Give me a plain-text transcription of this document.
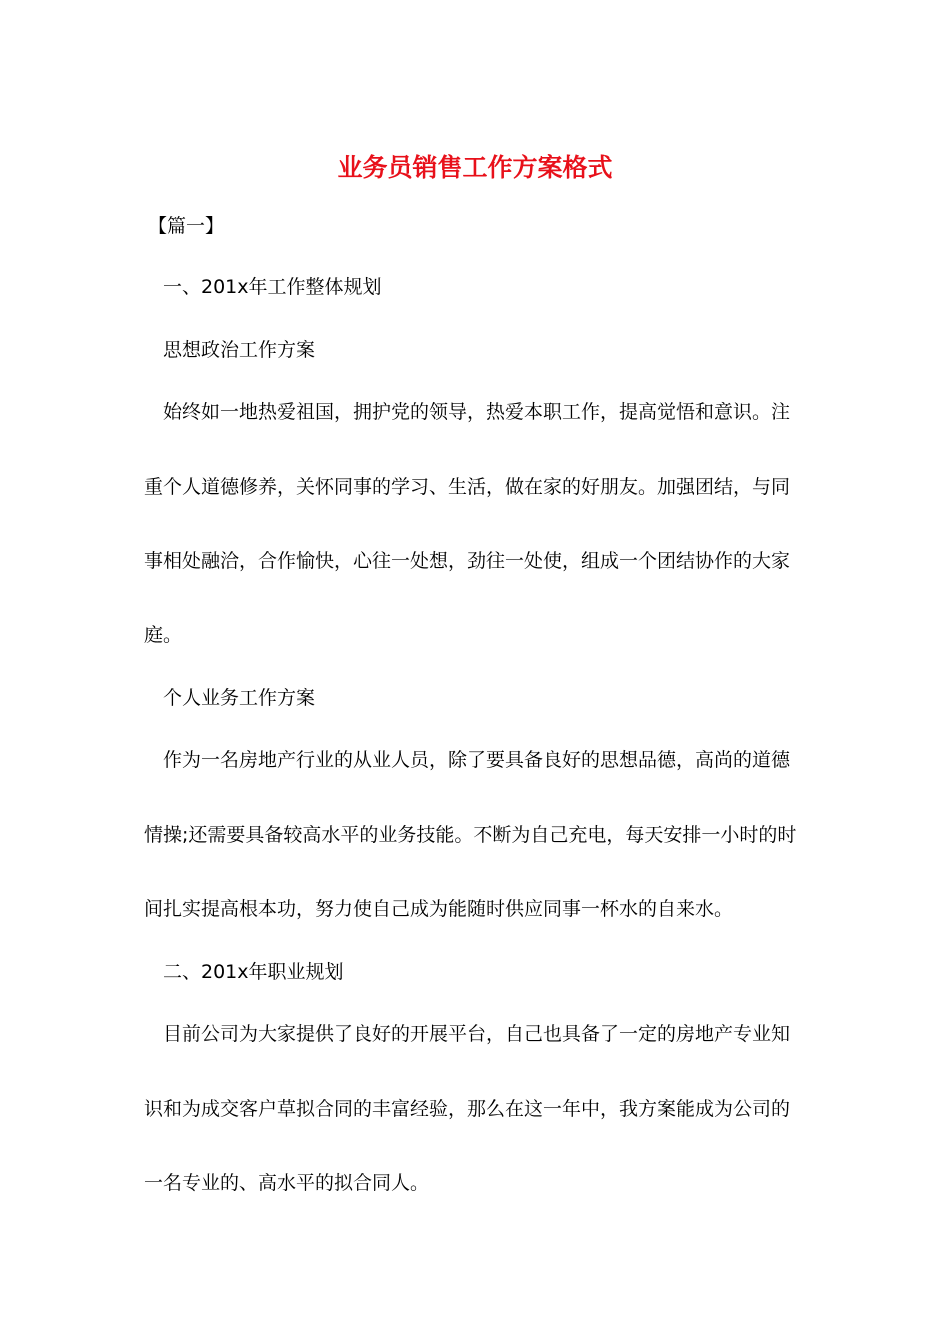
业务员销售工作方案格式
【篇一】
一、201x年工作整体规划
思想政治工作方案
始终如一地热爱祖国，拥护党的领导，热爱本职工作，提高觉悟和意识。注
重个人道德修养，关怀同事的学习、生活，做在家的好朋友。加强团结，与同
事相处融洽，合作愉快，心往一处想，劲往一处使，组成一个团结协作的大家
庭。
个人业务工作方案
作为一名房地产行业的从业人员，除了要具备良好的思想品德，高尚的道德
情操;还需要具备较高水平的业务技能。不断为自己充电，每天安排一小时的时
间扎实提高根本功，努力使自己成为能随时供应同事一杯水的自来水。
二、201x年职业规划
目前公司为大家提供了良好的开展平台，自己也具备了一定的房地产专业知
识和为成交客户草拟合同的丰富经验，那么在这一年中，我方案能成为公司的
一名专业的、高水平的拟合同人。
